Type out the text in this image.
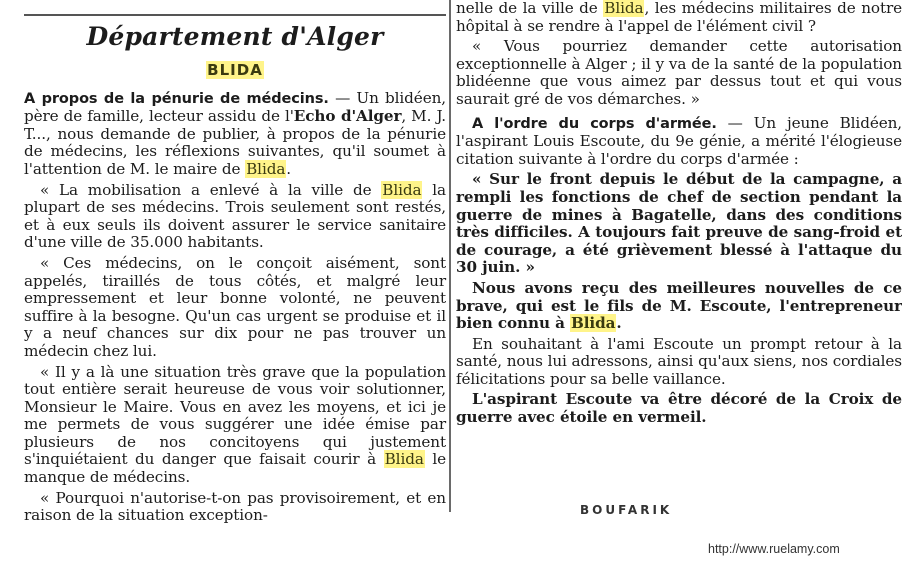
Département d'Alger
BLIDA

A propos de la pénurie de médecins. — Un blidéen, père de famille, lecteur assidu de l'Echo d'Alger, M. J. T..., nous demande de publier, à propos de la pénurie de médecins, les réflexions suivantes, qu'il soumet à l'attention de M. le maire de Blida.

« La mobilisation a enlevé à la ville de Blida la plupart de ses médecins. Trois seulement sont restés, et à eux seuls ils doivent assurer le service sanitaire d'une ville de 35.000 habitants.

« Ces médecins, on le conçoit aisément, sont appelés, tiraillés de tous côtés, et malgré leur empressement et leur bonne volonté, ne peuvent suffire à la besogne. Qu'un cas urgent se produise et il y a neuf chances sur dix pour ne pas trouver un médecin chez lui.

« Il y a là une situation très grave que la population tout entière serait heureuse de vous voir solutionner, Monsieur le Maire. Vous en avez les moyens, et ici je me permets de vous suggérer une idée émise par plusieurs de nos concitoyens qui justement s'inquiétaient du danger que faisait courir à Blida le manque de médecins.

« Pourquoi n'autorise-t-on pas provisoirement, et en raison de la situation exception-

nelle de la ville de Blida, les médecins militaires de notre hôpital à se rendre à l'appel de l'élément civil ?

« Vous pourriez demander cette autorisation exceptionnelle à Alger ; il y va de la santé de la population blidéenne que vous aimez par dessus tout et qui vous saurait gré de vos démarches. »

A l'ordre du corps d'armée. — Un jeune Blidéen, l'aspirant Louis Escoute, du 9e génie, a mérité l'élogieuse citation suivante à l'ordre du corps d'armée :

« Sur le front depuis le début de la campagne, a rempli les fonctions de chef de section pendant la guerre de mines à Bagatelle, dans des conditions très difficiles. A toujours fait preuve de sang-froid et de courage, a été grièvement blessé à l'attaque du 30 juin. »

Nous avons reçu des meilleures nouvelles de ce brave, qui est le fils de M. Escoute, l'entrepreneur bien connu à Blida.

En souhaitant à l'ami Escoute un prompt retour à la santé, nous lui adressons, ainsi qu'aux siens, nos cordiales félicitations pour sa belle vaillance.

L'aspirant Escoute va être décoré de la Croix de guerre avec étoile en vermeil.

BOUFARIK
http://www.ruelamy.com
